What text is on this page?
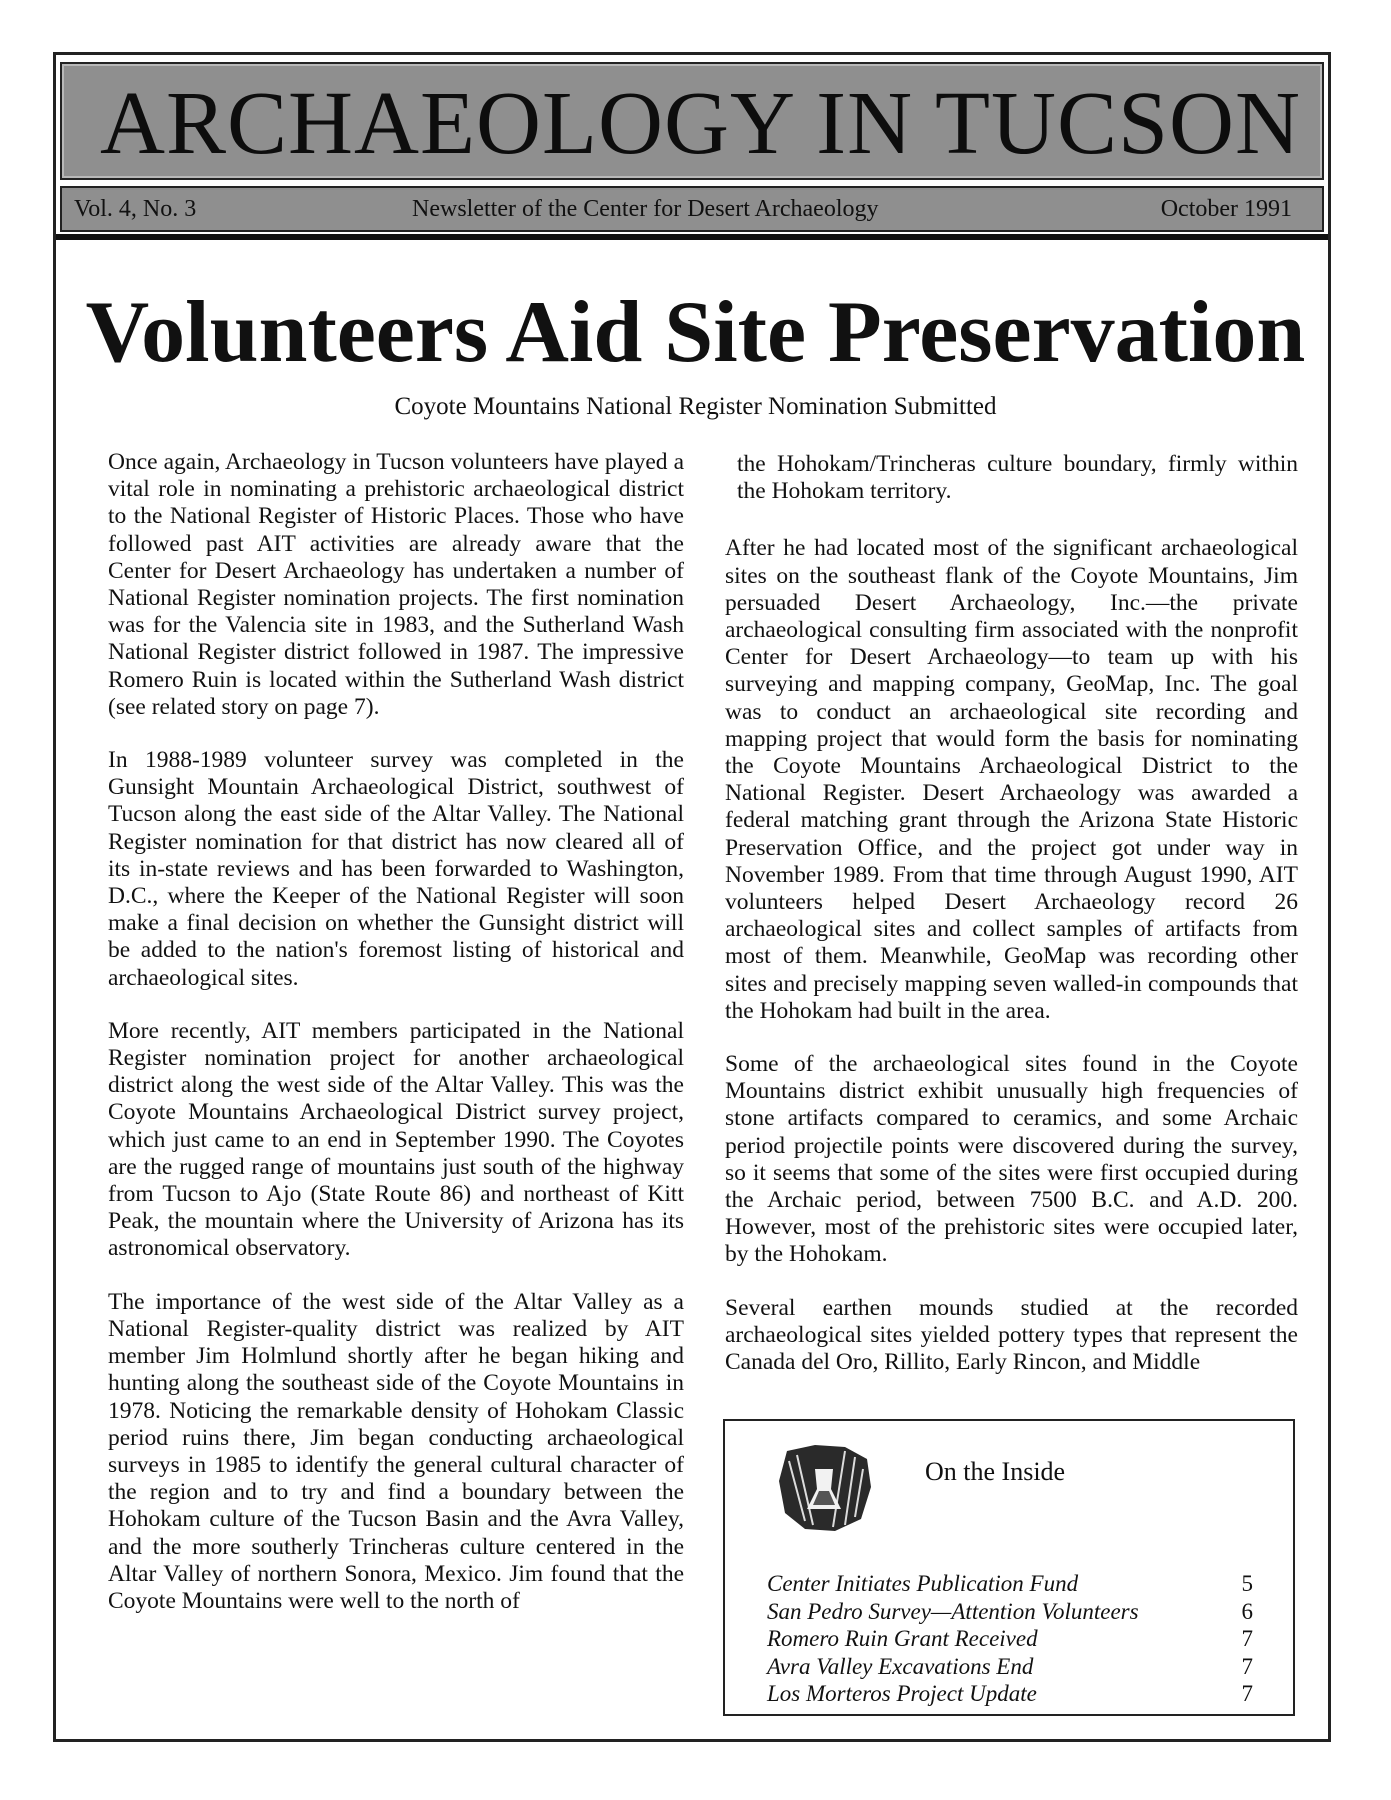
ARCHAEOLOGY IN TUCSON
Vol. 4, No. 3	Newsletter of the Center for Desert Archaeology	October 1991
Volunteers Aid Site Preservation
Coyote Mountains National Register Nomination Submitted

Once again, Archaeology in Tucson volunteers have played a vital role in nominating a prehistoric archaeological district to the National Register of Historic Places. Those who have followed past AIT activities are already aware that the Center for Desert Archaeology has undertaken a number of National Register nomination projects. The first nomination was for the Valencia site in 1983, and the Sutherland Wash National Register district followed in 1987. The impressive Romero Ruin is located within the Sutherland Wash district (see related story on page 7).

In 1988-1989 volunteer survey was completed in the Gunsight Mountain Archaeological District, southwest of Tucson along the east side of the Altar Valley. The National Register nomination for that district has now cleared all of its in-state reviews and has been forwarded to Washington, D.C., where the Keeper of the National Register will soon make a final decision on whether the Gunsight district will be added to the nation's foremost listing of historical and archaeological sites.

More recently, AIT members participated in the National Register nomination project for another archaeological district along the west side of the Altar Valley. This was the Coyote Mountains Archaeological District survey project, which just came to an end in September 1990. The Coyotes are the rugged range of mountains just south of the highway from Tucson to Ajo (State Route 86) and northeast of Kitt Peak, the mountain where the University of Arizona has its astronomical observatory.

The importance of the west side of the Altar Valley as a National Register-quality district was realized by AIT member Jim Holmlund shortly after he began hiking and hunting along the southeast side of the Coyote Mountains in 1978. Noticing the remarkable density of Hohokam Classic period ruins there, Jim began conducting archaeological surveys in 1985 to identify the general cultural character of the region and to try and find a boundary between the Hohokam culture of the Tucson Basin and the Avra Valley, and the more southerly Trincheras culture centered in the Altar Valley of northern Sonora, Mexico. Jim found that the Coyote Mountains were well to the north of

the Hohokam/Trincheras culture boundary, firmly within the Hohokam territory.

After he had located most of the significant archaeological sites on the southeast flank of the Coyote Mountains, Jim persuaded Desert Archaeology, Inc.—the private archaeological consulting firm associated with the nonprofit Center for Desert Archaeology—to team up with his surveying and mapping company, GeoMap, Inc. The goal was to conduct an archaeological site recording and mapping project that would form the basis for nominating the Coyote Mountains Archaeological District to the National Register. Desert Archaeology was awarded a federal matching grant through the Arizona State Historic Preservation Office, and the project got under way in November 1989. From that time through August 1990, AIT volunteers helped Desert Archaeology record 26 archaeological sites and collect samples of artifacts from most of them. Meanwhile, GeoMap was recording other sites and precisely mapping seven walled-in compounds that the Hohokam had built in the area.

Some of the archaeological sites found in the Coyote Mountains district exhibit unusually high frequencies of stone artifacts compared to ceramics, and some Archaic period projectile points were discovered during the survey, so it seems that some of the sites were first occupied during the Archaic period, between 7500 B.C. and A.D. 200. However, most of the prehistoric sites were occupied later, by the Hohokam.

Several earthen mounds studied at the recorded archaeological sites yielded pottery types that represent the Canada del Oro, Rillito, Early Rincon, and Middle

On the Inside
Center Initiates Publication Fund	5
San Pedro Survey—Attention Volunteers	6
Romero Ruin Grant Received	7
Avra Valley Excavations End	7
Los Morteros Project Update	7
